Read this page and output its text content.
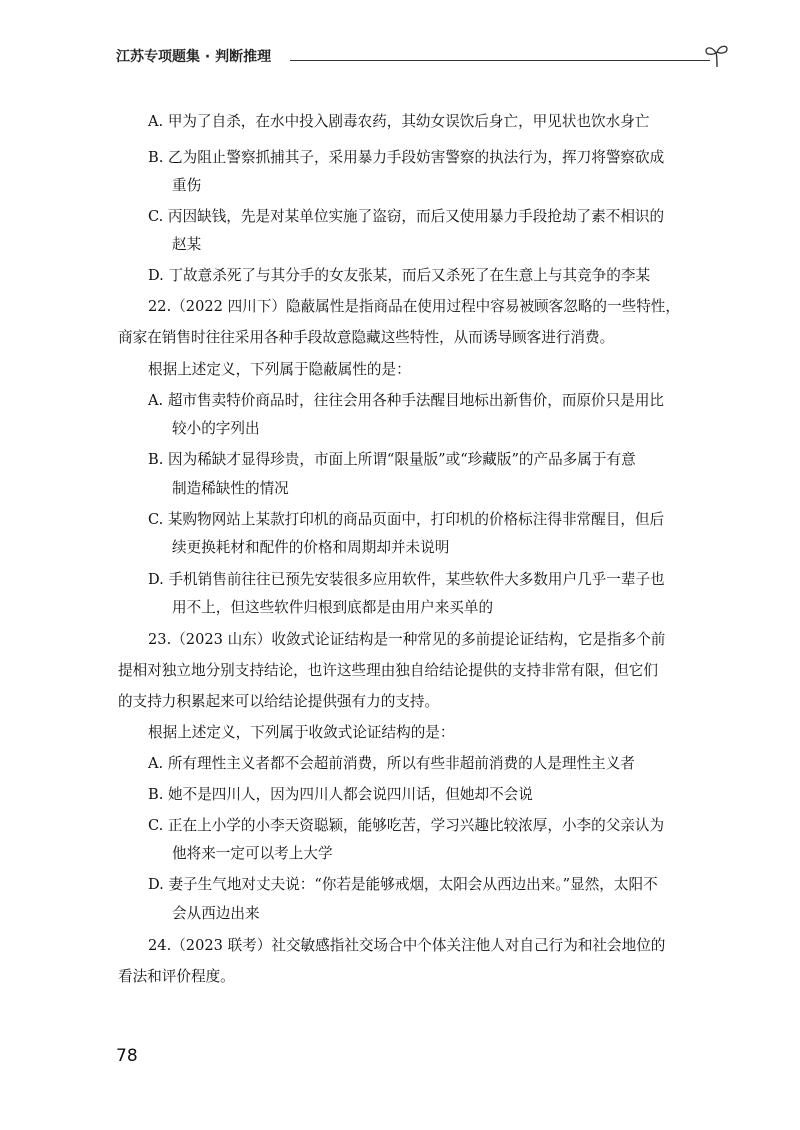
江苏专项题集 · 判断推理
A. 甲为了自杀，在水中投入剧毒农药，其幼女误饮后身亡，甲见状也饮水身亡
B. 乙为阻止警察抓捕其子，采用暴力手段妨害警察的执法行为，挥刀将警察砍成
重伤
C. 丙因缺钱，先是对某单位实施了盗窃，而后又使用暴力手段抢劫了素不相识的
赵某
D. 丁故意杀死了与其分手的女友张某，而后又杀死了在生意上与其竞争的李某
22.（2022 四川下）隐蔽属性是指商品在使用过程中容易被顾客忽略的一些特性，
商家在销售时往往采用各种手段故意隐藏这些特性，从而诱导顾客进行消费。
根据上述定义，下列属于隐蔽属性的是：
A. 超市售卖特价商品时，往往会用各种手法醒目地标出新售价，而原价只是用比
较小的字列出
B. 因为稀缺才显得珍贵，市面上所谓“限量版”或“珍藏版”的产品多属于有意
制造稀缺性的情况
C. 某购物网站上某款打印机的商品页面中，打印机的价格标注得非常醒目，但后
续更换耗材和配件的价格和周期却并未说明
D. 手机销售前往往已预先安装很多应用软件，某些软件大多数用户几乎一辈子也
用不上，但这些软件归根到底都是由用户来买单的
23.（2023 山东）收敛式论证结构是一种常见的多前提论证结构，它是指多个前
提相对独立地分别支持结论，也许这些理由独自给结论提供的支持非常有限，但它们
的支持力积累起来可以给结论提供强有力的支持。
根据上述定义，下列属于收敛式论证结构的是：
A. 所有理性主义者都不会超前消费，所以有些非超前消费的人是理性主义者
B. 她不是四川人，因为四川人都会说四川话，但她却不会说
C. 正在上小学的小李天资聪颖，能够吃苦，学习兴趣比较浓厚，小李的父亲认为
他将来一定可以考上大学
D. 妻子生气地对丈夫说：“你若是能够戒烟，太阳会从西边出来。”显然，太阳不
会从西边出来
24.（2023 联考）社交敏感指社交场合中个体关注他人对自己行为和社会地位的
看法和评价程度。
78
